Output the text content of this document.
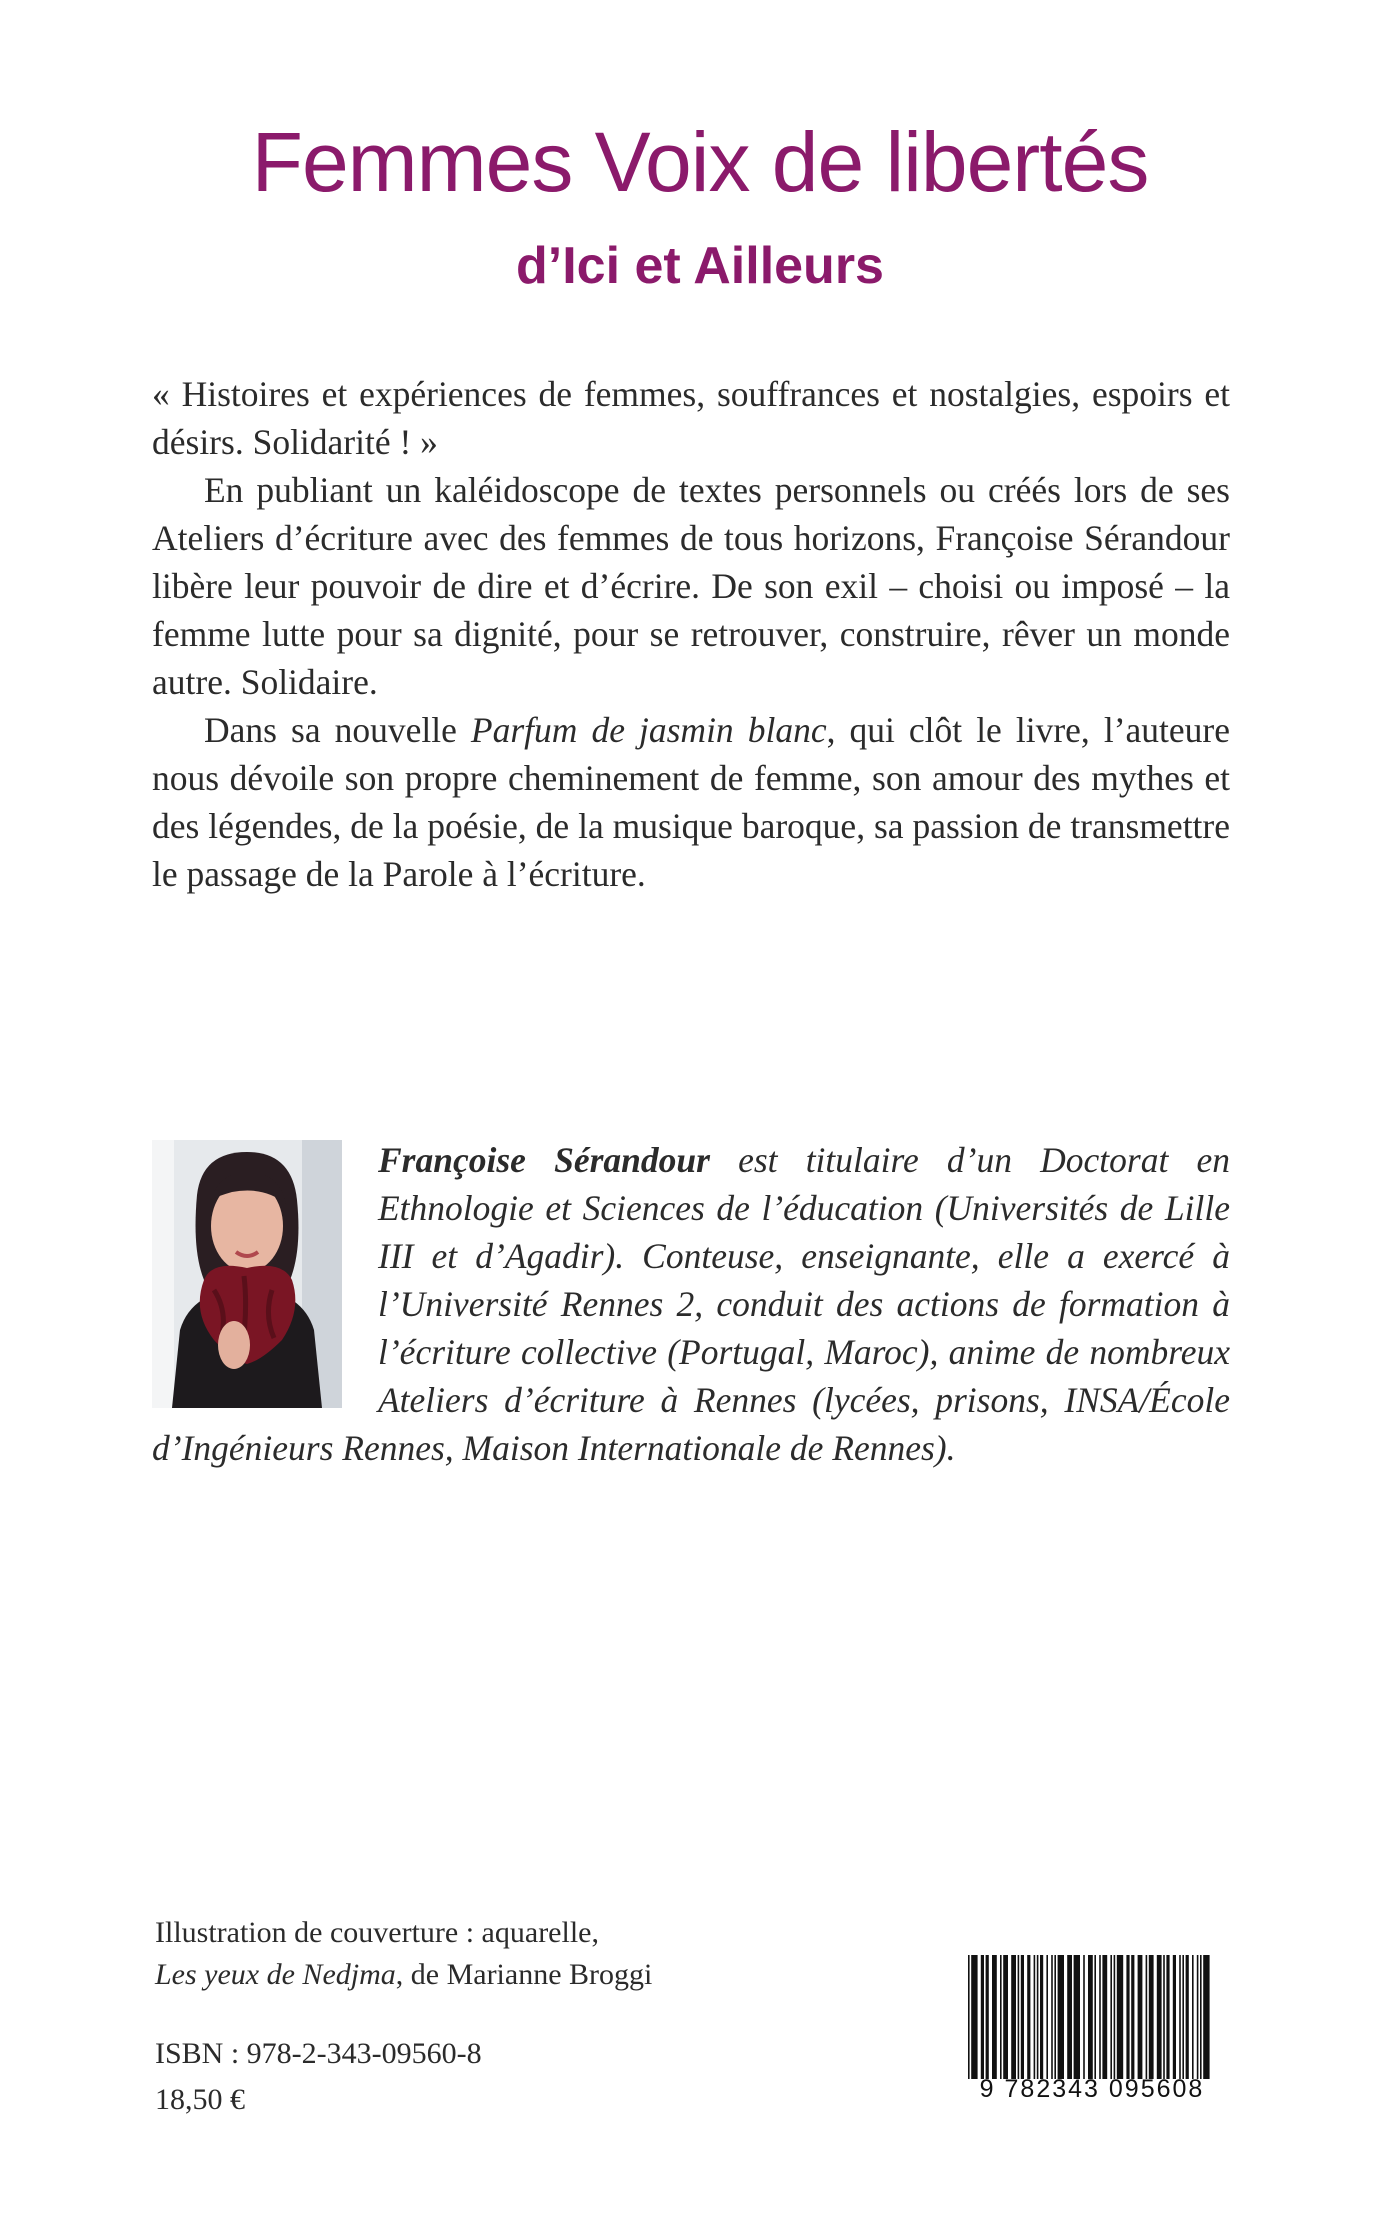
Femmes Voix de libertés
d’Ici et Ailleurs

« Histoires et expériences de femmes, souffrances et nostalgies, espoirs et désirs. Solidarité ! »

En publiant un kaléidoscope de textes personnels ou créés lors de ses Ateliers d’écriture avec des femmes de tous horizons, Françoise Sérandour libère leur pouvoir de dire et d’écrire. De son exil – choisi ou imposé – la femme lutte pour sa dignité, pour se retrouver, construire, rêver un monde autre. Solidaire.

Dans sa nouvelle Parfum de jasmin blanc, qui clôt le livre, l’auteure nous dévoile son propre cheminement de femme, son amour des mythes et des légendes, de la poésie, de la musique baroque, sa passion de transmettre le passage de la Parole à l’écriture.

Françoise Sérandour est titulaire d’un Doctorat en Ethnologie et Sciences de l’éducation (Universités de Lille III et d’Agadir). Conteuse, enseignante, elle a exercé à l’Université Rennes 2, conduit des actions de formation à l’écriture collective (Portugal, Maroc), anime de nombreux Ateliers d’écriture à Rennes (lycées, prisons, INSA/École d’Ingénieurs Rennes, Maison Internationale de Rennes).
Illustration de couverture : aquarelle,
Les yeux de Nedjma, de Marianne Broggi
ISBN : 978-2-343-09560-8
18,50 €	9 782343 095608
